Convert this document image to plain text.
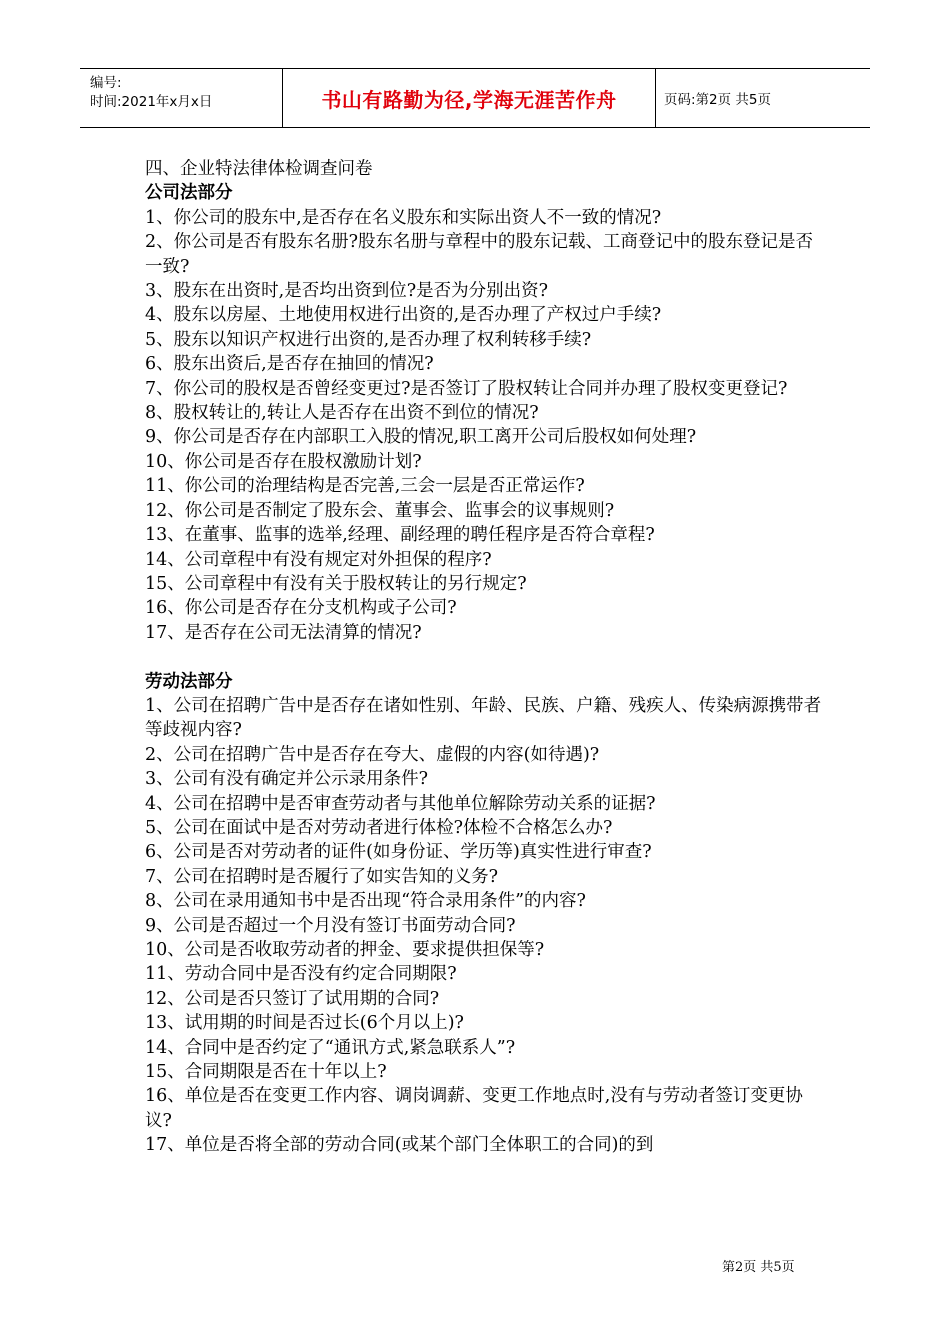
编号:
时间:2021年x月x日	书山有路勤为径,学海无涯苦作舟	页码:第2页 共5页

四、企业特法律体检调查问卷

公司法部分

1、你公司的股东中,是否存在名义股东和实际出资人不一致的情况?

2、你公司是否有股东名册?股东名册与章程中的股东记载、工商登记中的股东登记是否一致?

3、股东在出资时,是否均出资到位?是否为分别出资?

4、股东以房屋、土地使用权进行出资的,是否办理了产权过户手续?

5、股东以知识产权进行出资的,是否办理了权利转移手续?

6、股东出资后,是否存在抽回的情况?

7、你公司的股权是否曾经变更过?是否签订了股权转让合同并办理了股权变更登记?

8、股权转让的,转让人是否存在出资不到位的情况?

9、你公司是否存在内部职工入股的情况,职工离开公司后股权如何处理?

10、你公司是否存在股权激励计划?

11、你公司的治理结构是否完善,三会一层是否正常运作?

12、你公司是否制定了股东会、董事会、监事会的议事规则?

13、在董事、监事的选举,经理、副经理的聘任程序是否符合章程?

14、公司章程中有没有规定对外担保的程序?

15、公司章程中有没有关于股权转让的另行规定?

16、你公司是否存在分支机构或子公司?

17、是否存在公司无法清算的情况?

劳动法部分

1、公司在招聘广告中是否存在诸如性别、年龄、民族、户籍、残疾人、传染病源携带者等歧视内容?

2、公司在招聘广告中是否存在夸大、虚假的内容(如待遇)?

3、公司有没有确定并公示录用条件?

4、公司在招聘中是否审查劳动者与其他单位解除劳动关系的证据?

5、公司在面试中是否对劳动者进行体检?体检不合格怎么办?

6、公司是否对劳动者的证件(如身份证、学历等)真实性进行审查?

7、公司在招聘时是否履行了如实告知的义务?

8、公司在录用通知书中是否出现“符合录用条件”的内容?

9、公司是否超过一个月没有签订书面劳动合同?

10、公司是否收取劳动者的押金、要求提供担保等?

11、劳动合同中是否没有约定合同期限?

12、公司是否只签订了试用期的合同?

13、试用期的时间是否过长(6个月以上)?

14、合同中是否约定了“通讯方式,紧急联系人”?

15、合同期限是否在十年以上?

16、单位是否在变更工作内容、调岗调薪、变更工作地点时,没有与劳动者签订变更协议?

17、单位是否将全部的劳动合同(或某个部门全体职工的合同)的到

第2页 共5页
